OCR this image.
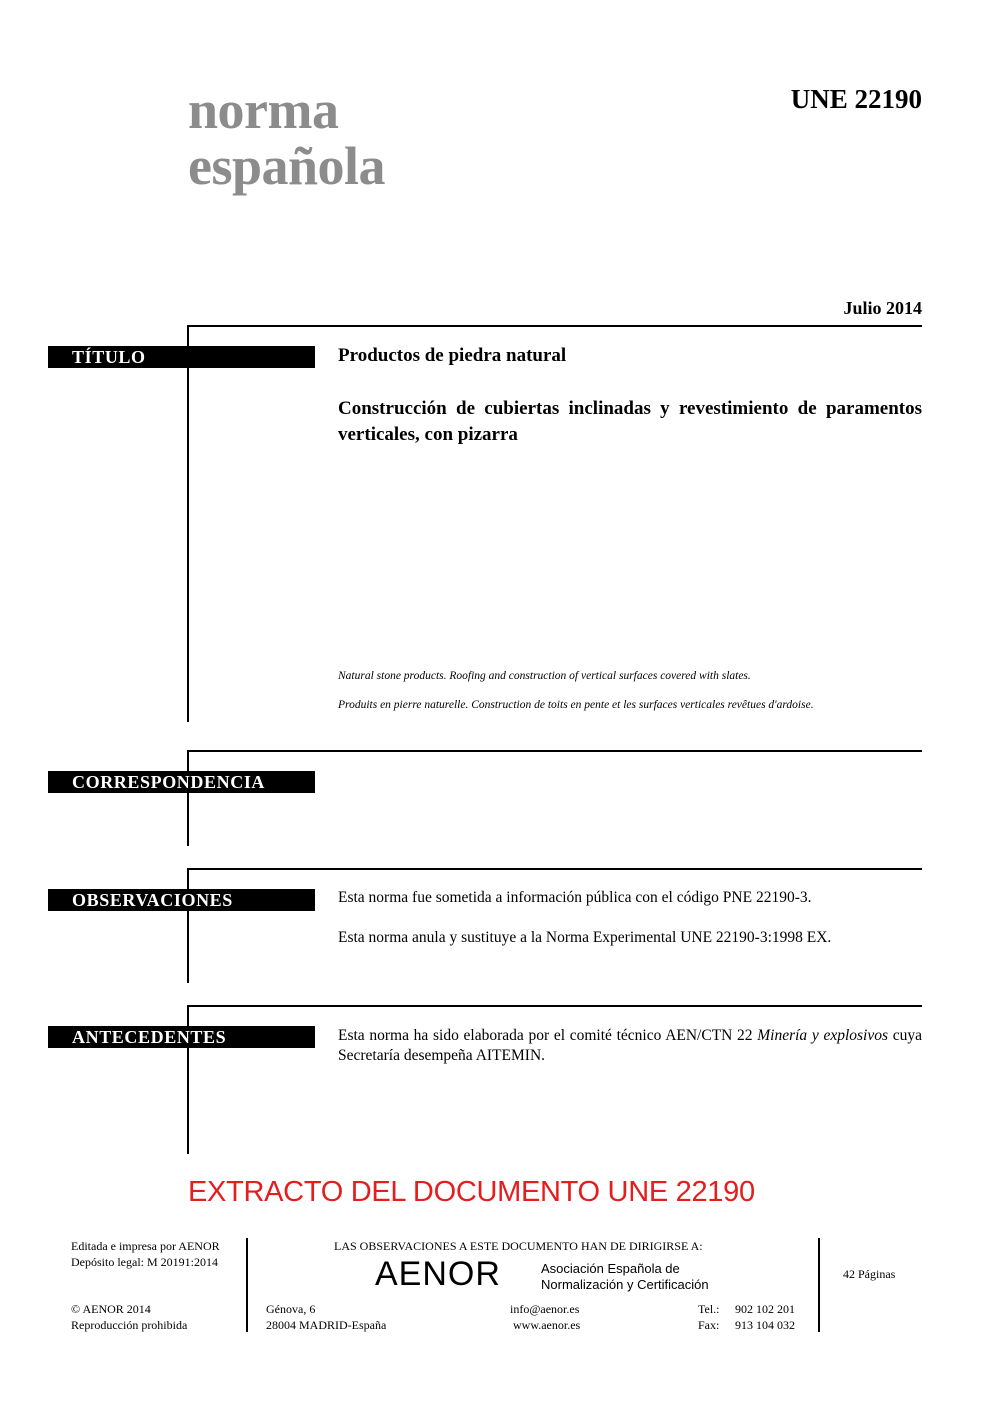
norma
española
UNE 22190
Julio 2014
TÍTULO	Productos de piedra natural
Construcción de cubiertas inclinadas y revestimiento de paramentos verticales, con pizarra
Natural stone products. Roofing and construction of vertical surfaces covered with slates.
Produits en pierre naturelle. Construction de toits en pente et les surfaces verticales revêtues d'ardoise.
CORRESPONDENCIA
OBSERVACIONES	Esta norma fue sometida a información pública con el código PNE 22190-3.
Esta norma anula y sustituye a la Norma Experimental UNE 22190-3:1998 EX.
ANTECEDENTES	Esta norma ha sido elaborada por el comité técnico AEN/CTN 22 Minería y explosivos cuya Secretaría desempeña AITEMIN.
EXTRACTO DEL DOCUMENTO UNE 22190
Editada e impresa por AENOR
Depósito legal: M 20191:2014
© AENOR 2014
Reproducción prohibida
LAS OBSERVACIONES A ESTE DOCUMENTO HAN DE DIRIGIRSE A:
AENOR	Asociación Española de
Normalización y Certificación
Génova, 6
28004 MADRID-España
info@aenor.es
www.aenor.es
Tel.: 902 102 201
Fax: 913 104 032
42 Páginas
